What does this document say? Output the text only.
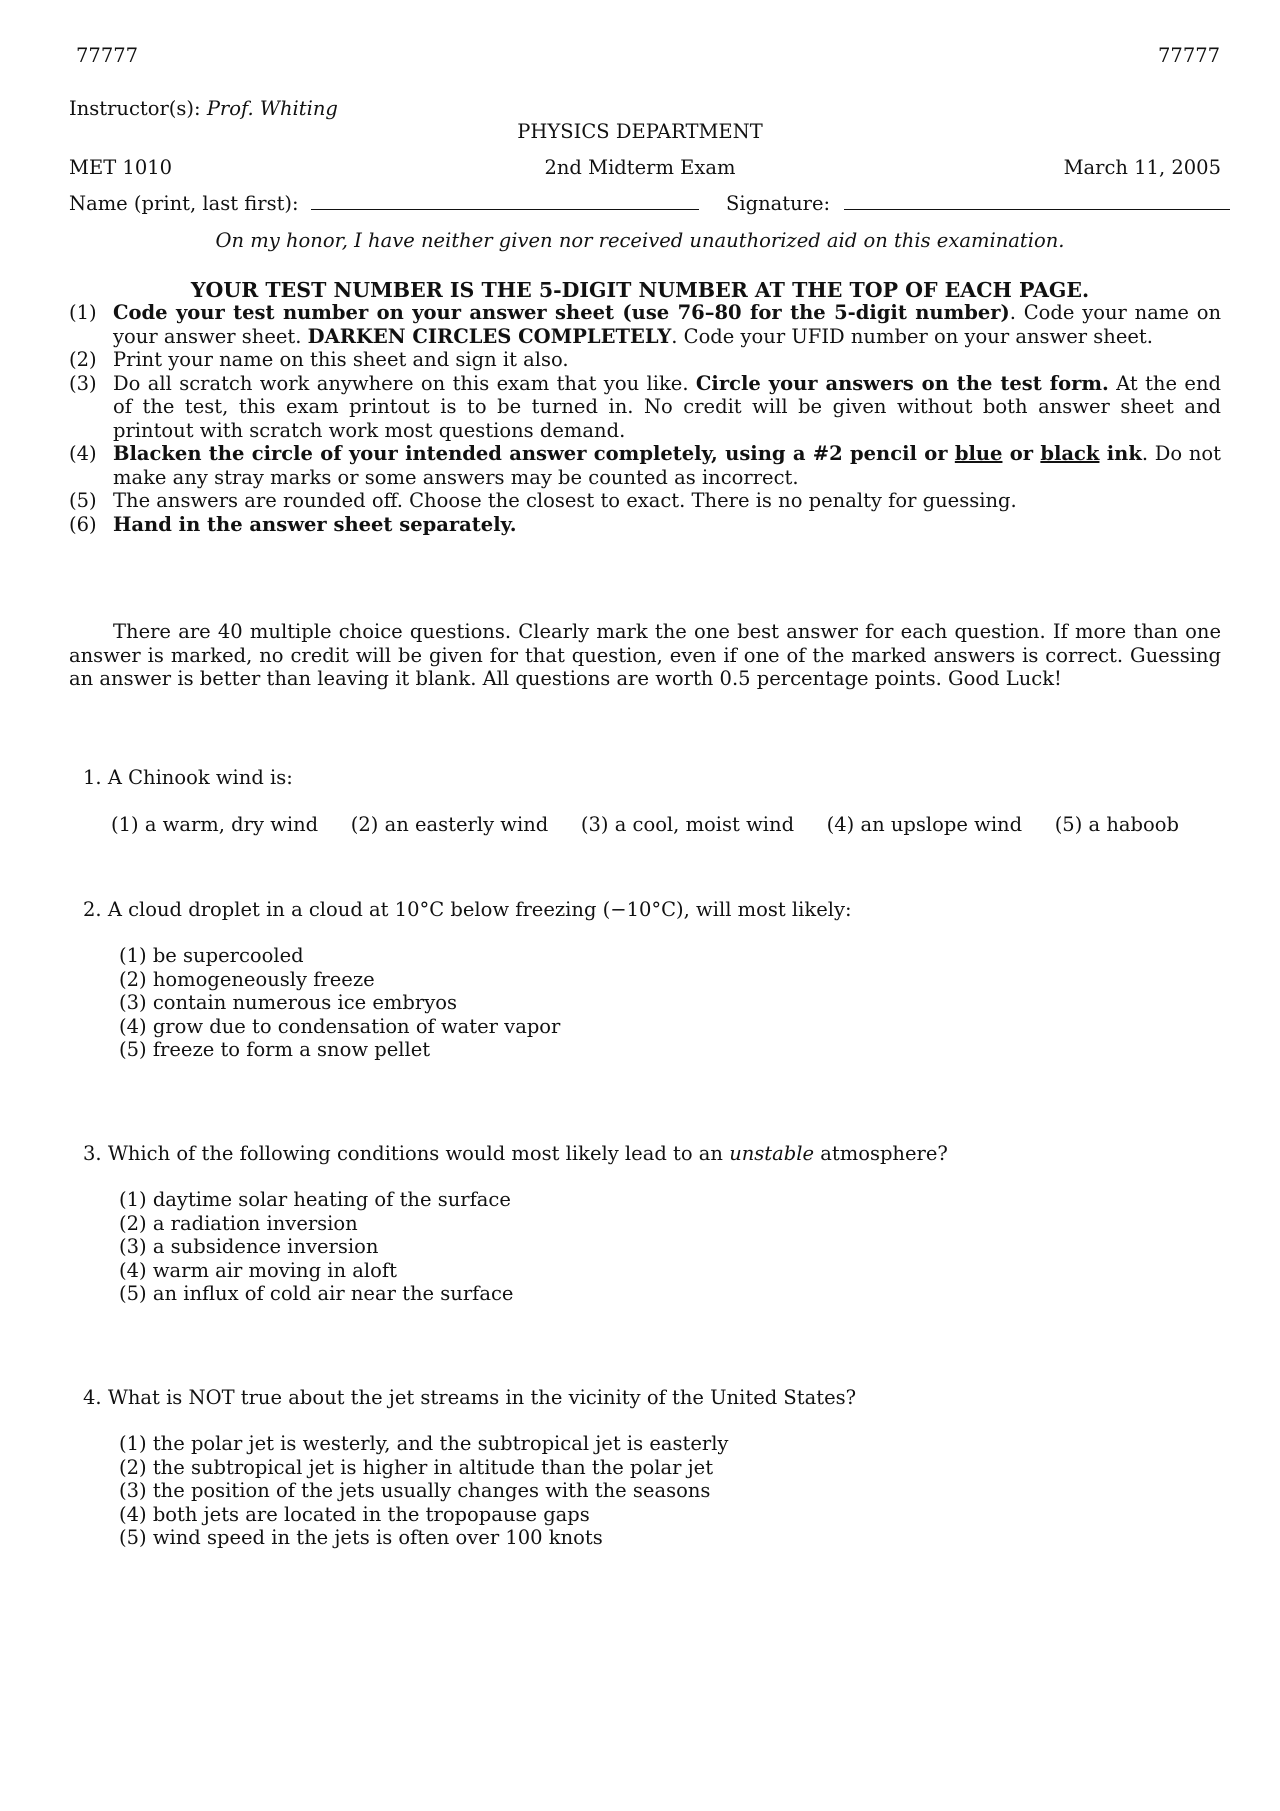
77777	77777
Instructor(s): Prof. Whiting
PHYSICS DEPARTMENT
MET 1010	2nd Midterm Exam	March 11, 2005
Name (print, last first):	Signature:
On my honor, I have neither given nor received unauthorized aid on this examination.
YOUR TEST NUMBER IS THE 5-DIGIT NUMBER AT THE TOP OF EACH PAGE.
(1) Code your test number on your answer sheet (use 76–80 for the 5-digit number). Code your name on your answer sheet. DARKEN CIRCLES COMPLETELY. Code your UFID number on your answer sheet.
(2) Print your name on this sheet and sign it also.
(3) Do all scratch work anywhere on this exam that you like. Circle your answers on the test form. At the end of the test, this exam printout is to be turned in. No credit will be given without both answer sheet and printout with scratch work most questions demand.
(4) Blacken the circle of your intended answer completely, using a #2 pencil or blue or black ink. Do not make any stray marks or some answers may be counted as incorrect.
(5) The answers are rounded off. Choose the closest to exact. There is no penalty for guessing.
(6) Hand in the answer sheet separately.
There are 40 multiple choice questions. Clearly mark the one best answer for each question. If more than one answer is marked, no credit will be given for that question, even if one of the marked answers is correct. Guessing an answer is better than leaving it blank. All questions are worth 0.5 percentage points. Good Luck!
1. A Chinook wind is:
(1) a warm, dry wind (2) an easterly wind (3) a cool, moist wind (4) an upslope wind (5) a haboob
2. A cloud droplet in a cloud at 10°C below freezing (−10°C), will most likely:
(1) be supercooled
(2) homogeneously freeze
(3) contain numerous ice embryos
(4) grow due to condensation of water vapor
(5) freeze to form a snow pellet
3. Which of the following conditions would most likely lead to an unstable atmosphere?
(1) daytime solar heating of the surface
(2) a radiation inversion
(3) a subsidence inversion
(4) warm air moving in aloft
(5) an influx of cold air near the surface
4. What is NOT true about the jet streams in the vicinity of the United States?
(1) the polar jet is westerly, and the subtropical jet is easterly
(2) the subtropical jet is higher in altitude than the polar jet
(3) the position of the jets usually changes with the seasons
(4) both jets are located in the tropopause gaps
(5) wind speed in the jets is often over 100 knots
